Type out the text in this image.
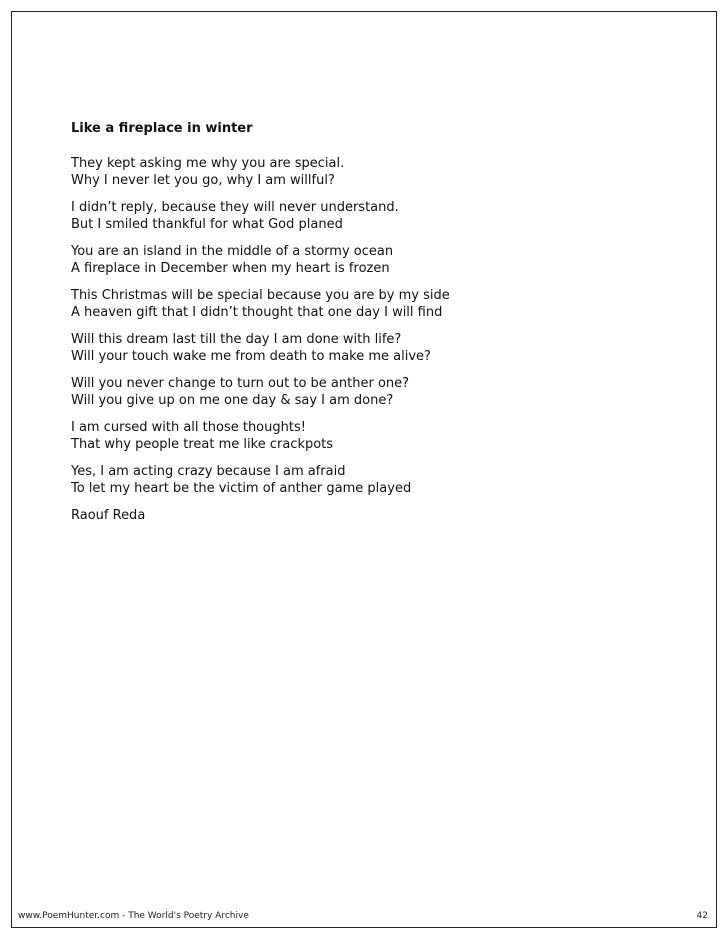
Like a fireplace in winter
They kept asking me why you are special.
Why I never let you go, why I am willful?
I didn’t reply, because they will never understand.
But I smiled thankful for what God planed
You are an island in the middle of a stormy ocean
A fireplace in December when my heart is frozen
This Christmas will be special because you are by my side
A heaven gift that I didn’t thought that one day I will find
Will this dream last till the day I am done with life?
Will your touch wake me from death to make me alive?
Will you never change to turn out to be anther one?
Will you give up on me one day & say I am done?
I am cursed with all those thoughts!
That why people treat me like crackpots
Yes, I am acting crazy because I am afraid
To let my heart be the victim of anther game played
Raouf Reda
www.PoemHunter.com - The World's Poetry Archive	42
